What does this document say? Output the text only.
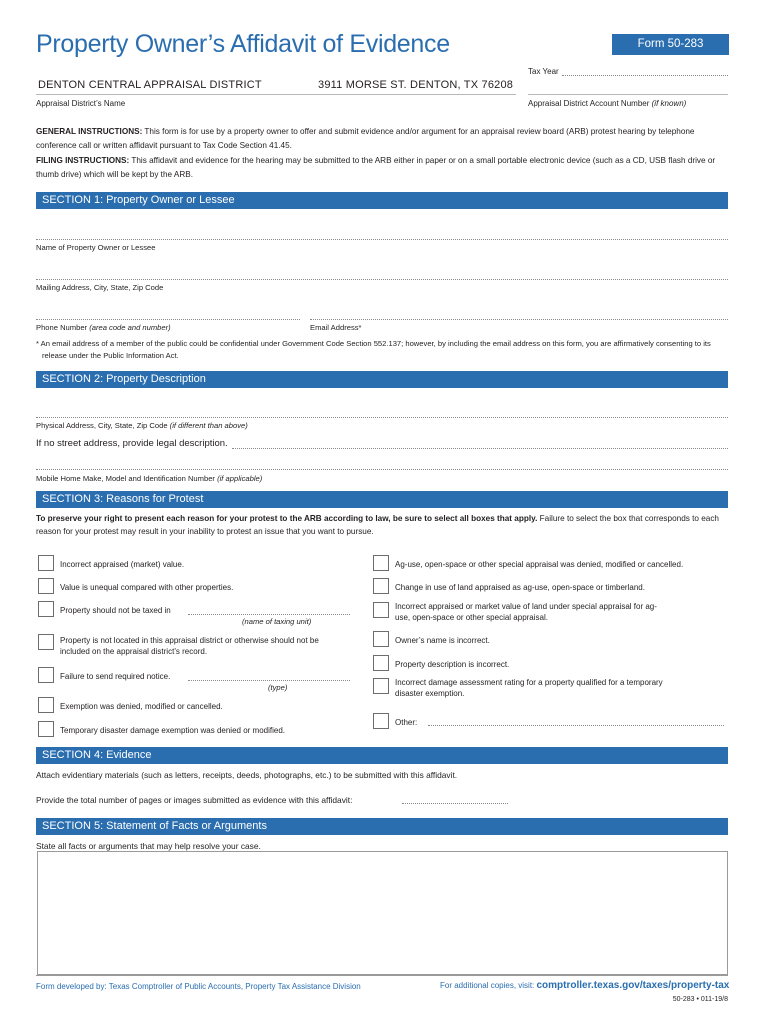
Property Owner’s Affidavit of Evidence	Form 50-283
Tax Year
DENTON CENTRAL APPRAISAL DISTRICT	3911 MORSE ST. DENTON, TX 76208
Appraisal District’s Name	Appraisal District Account Number (if known)
GENERAL INSTRUCTIONS: This form is for use by a property owner to offer and submit evidence and/or argument for an appraisal review board (ARB) protest hearing by telephone conference call or written affidavit pursuant to Tax Code Section 41.45.
FILING INSTRUCTIONS: This affidavit and evidence for the hearing may be submitted to the ARB either in paper or on a small portable electronic device (such as a CD, USB flash drive or thumb drive) which will be kept by the ARB.
SECTION 1: Property Owner or Lessee
Name of Property Owner or Lessee
Mailing Address, City, State, Zip Code
Phone Number (area code and number)	Email Address*
* An email address of a member of the public could be confidential under Government Code Section 552.137; however, by including the email address on this form, you are affirmatively consenting to its release under the Public Information Act.
SECTION 2: Property Description
Physical Address, City, State, Zip Code (if different than above)
If no street address, provide legal description.
Mobile Home Make, Model and Identification Number (if applicable)
SECTION 3: Reasons for Protest
To preserve your right to present each reason for your protest to the ARB according to law, be sure to select all boxes that apply. Failure to select the box that corresponds to each reason for your protest may result in your inability to protest an issue that you want to pursue.
Incorrect appraised (market) value.
Value is unequal compared with other properties.
Property should not be taxed in
(name of taxing unit)
Property is not located in this appraisal district or otherwise should not be included on the appraisal district’s record.
Failure to send required notice.
(type)
Exemption was denied, modified or cancelled.
Temporary disaster damage exemption was denied or modified.
Ag-use, open-space or other special appraisal was denied, modified or cancelled.
Change in use of land appraised as ag-use, open-space or timberland.
Incorrect appraised or market value of land under special appraisal for ag-use, open-space or other special appraisal.
Owner’s name is incorrect.
Property description is incorrect.
Incorrect damage assessment rating for a property qualified for a temporary disaster exemption.
Other:
SECTION 4: Evidence
Attach evidentiary materials (such as letters, receipts, deeds, photographs, etc.) to be submitted with this affidavit.
Provide the total number of pages or images submitted as evidence with this affidavit:
SECTION 5: Statement of Facts or Arguments
State all facts or arguments that may help resolve your case.
Form developed by: Texas Comptroller of Public Accounts, Property Tax Assistance Division	For additional copies, visit: comptroller.texas.gov/taxes/property-tax
50-283 • 011-19/8
